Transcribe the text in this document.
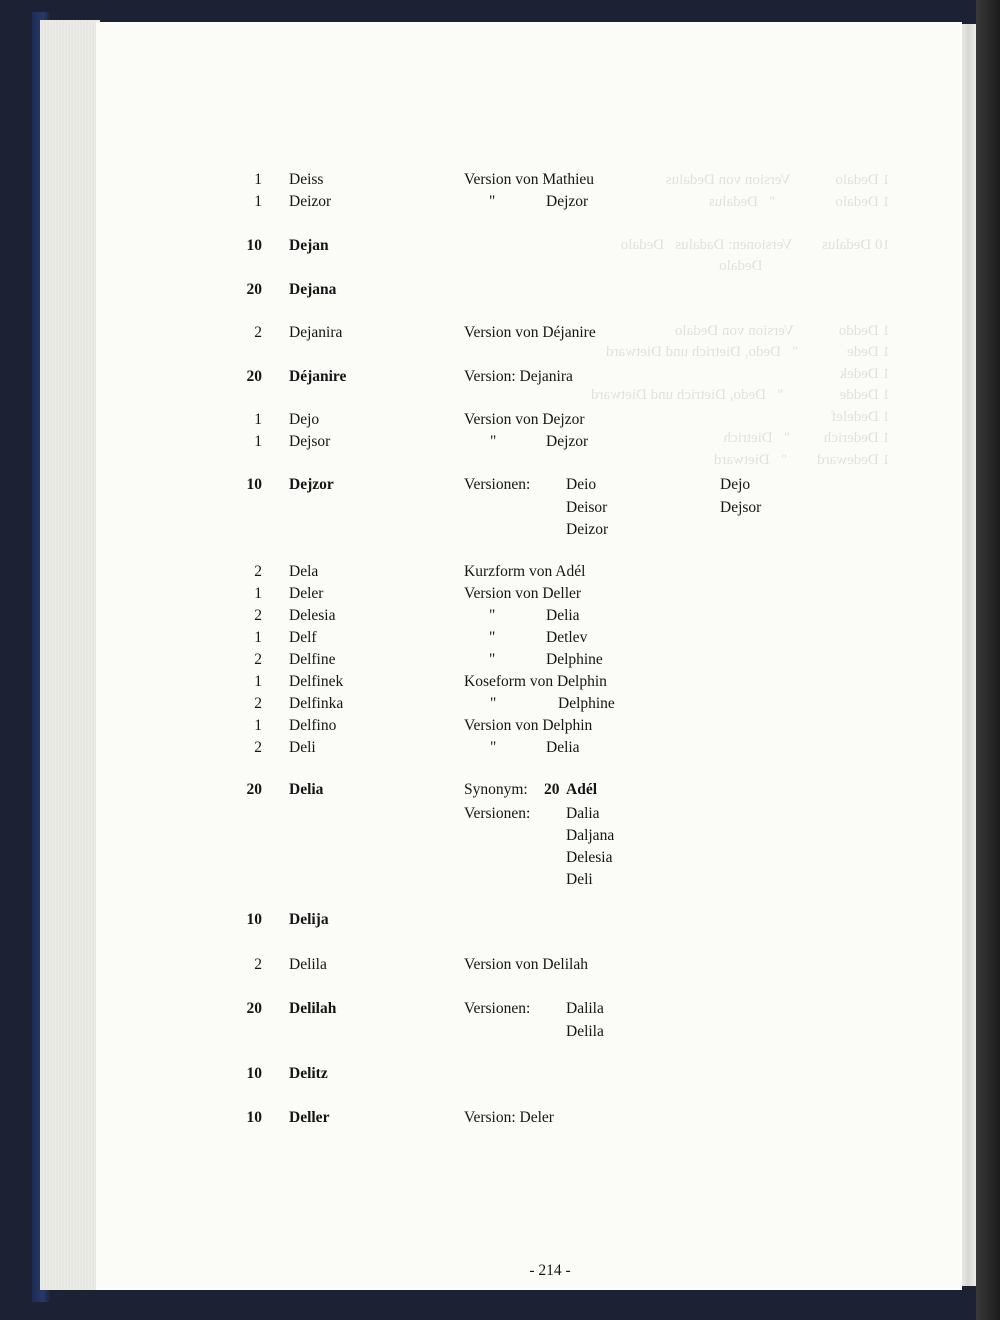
1 Deiss	Version von Mathieu
1 Deizor	"	Dejzor
10 Dejan
20 Dejana
2 Dejanira	Version von Déjanire
20 Déjanire	Version: Dejanira
1 Dejo	Version von Dejzor
1 Dejsor	"	Dejzor
10 Dejzor	Versionen: Deio	Dejo
Deisor	Dejsor
Deizor
2 Dela	Kurzform von Adél
1 Deler	Version von Deller
2 Delesia	"	Delia
1 Delf	"	Detlev
2 Delfine	"	Delphine
1 Delfinek	Koseform von Delphin
2 Delfinka	"	Delphine
1 Delfino	Version von Delphin
2 Deli	"	Delia
20 Delia	Synonym: 20 Adél
Versionen: Dalia
Daljana
Delesia
Deli
10 Delija
2 Delila	Version von Delilah
20 Delilah	Versionen: Dalila
Delila
10 Delitz
10 Deller	Version: Deler
- 214 -
